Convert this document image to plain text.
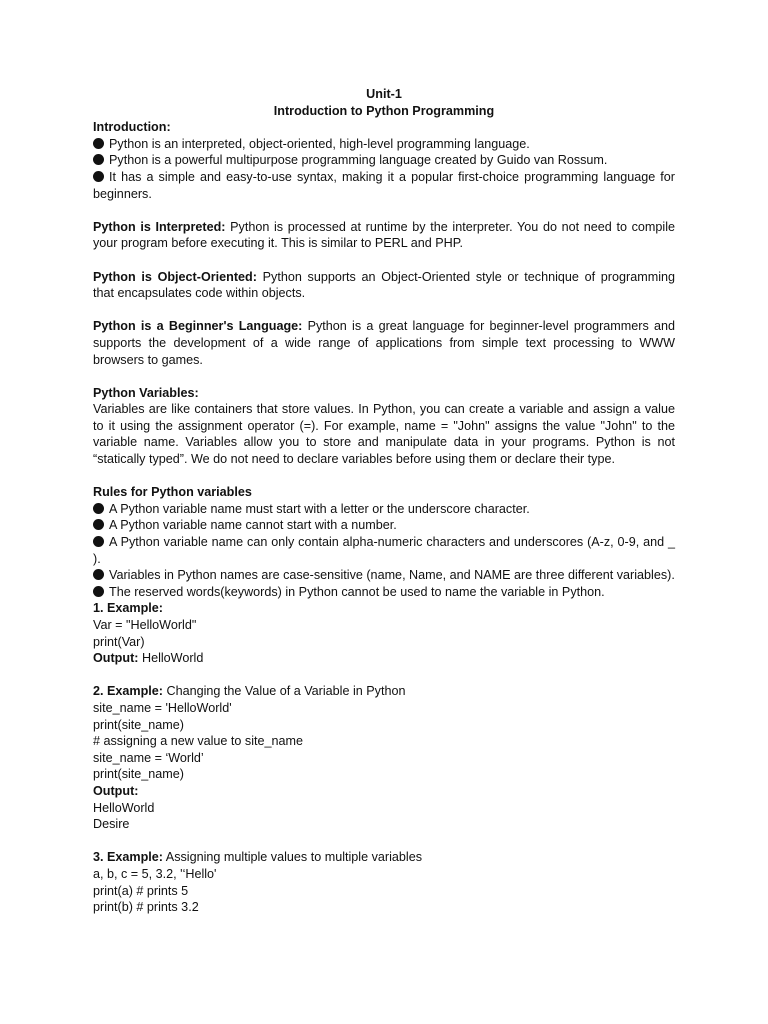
Unit-1
Introduction to Python Programming
Introduction:
Python is an interpreted, object-oriented, high-level programming language.
Python is a powerful multipurpose programming language created by Guido van Rossum.
It has a simple and easy-to-use syntax, making it a popular first-choice programming language for beginners.
Python is Interpreted: Python is processed at runtime by the interpreter. You do not need to compile your program before executing it. This is similar to PERL and PHP.
Python is Object-Oriented: Python supports an Object-Oriented style or technique of programming that encapsulates code within objects.
Python is a Beginner's Language: Python is a great language for beginner-level programmers and supports the development of a wide range of applications from simple text processing to WWW browsers to games.
Python Variables:
Variables are like containers that store values. In Python, you can create a variable and assign a value to it using the assignment operator (=). For example, name = "John" assigns the value "John" to the variable name. Variables allow you to store and manipulate data in your programs. Python is not “statically typed”. We do not need to declare variables before using them or declare their type.
Rules for Python variables
A Python variable name must start with a letter or the underscore character.
A Python variable name cannot start with a number.
A Python variable name can only contain alpha-numeric characters and underscores (A-z, 0-9, and _ ).
Variables in Python names are case-sensitive (name, Name, and NAME are three different variables).
The reserved words(keywords) in Python cannot be used to name the variable in Python.
1. Example:
Var = "HelloWorld"
print(Var)
Output: HelloWorld
2. Example: Changing the Value of a Variable in Python
site_name = 'HelloWorld'
print(site_name)
# assigning a new value to site_name
site_name = ‘World’
print(site_name)
Output:
HelloWorld
Desire
3. Example: Assigning multiple values to multiple variables
a, b, c = 5, 3.2, '‘Hello'
print(a) # prints 5
print(b) # prints 3.2
